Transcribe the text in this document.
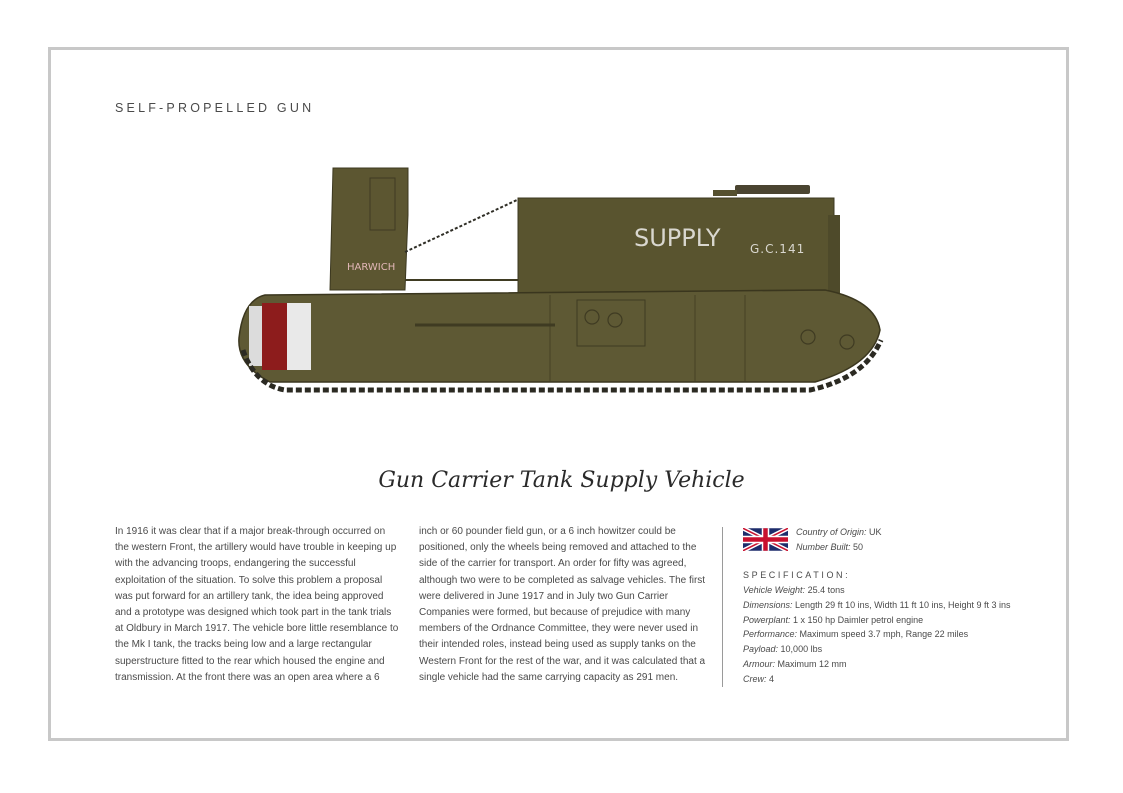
SELF-PROPELLED GUN
SUPPLY G.C.141
HARWICH
Gun Carrier Tank Supply Vehicle
In 1916 it was clear that if a major break-through occurred on the western Front, the artillery would have trouble in keeping up with the advancing troops, endangering the successful exploitation of the situation. To solve this problem a proposal was put forward for an artillery tank, the idea being approved and a prototype was designed which took part in the tank trials at Oldbury in March 1917. The vehicle bore little resemblance to the Mk I tank, the tracks being low and a large rectangular superstructure fitted to the rear which housed the engine and transmission. At the front there was an open area where a 6
inch or 60 pounder field gun, or a 6 inch howitzer could be positioned, only the wheels being removed and attached to the side of the carrier for transport. An order for fifty was agreed, although two were to be completed as salvage vehicles. The first were delivered in June 1917 and in July two Gun Carrier Companies were formed, but because of prejudice with many members of the Ordnance Committee, they were never used in their intended roles, instead being used as supply tanks on the Western Front for the rest of the war, and it was calculated that a single vehicle had the same carrying capacity as 291 men.
Country of Origin: UK
Number Built: 50
SPECIFICATION:
Vehicle Weight: 25.4 tons
Dimensions: Length 29 ft 10 ins, Width 11 ft 10 ins, Height 9 ft 3 ins
Powerplant: 1 x 150 hp Daimler petrol engine
Performance: Maximum speed 3.7 mph, Range 22 miles
Payload: 10,000 lbs
Armour: Maximum 12 mm
Crew: 4
